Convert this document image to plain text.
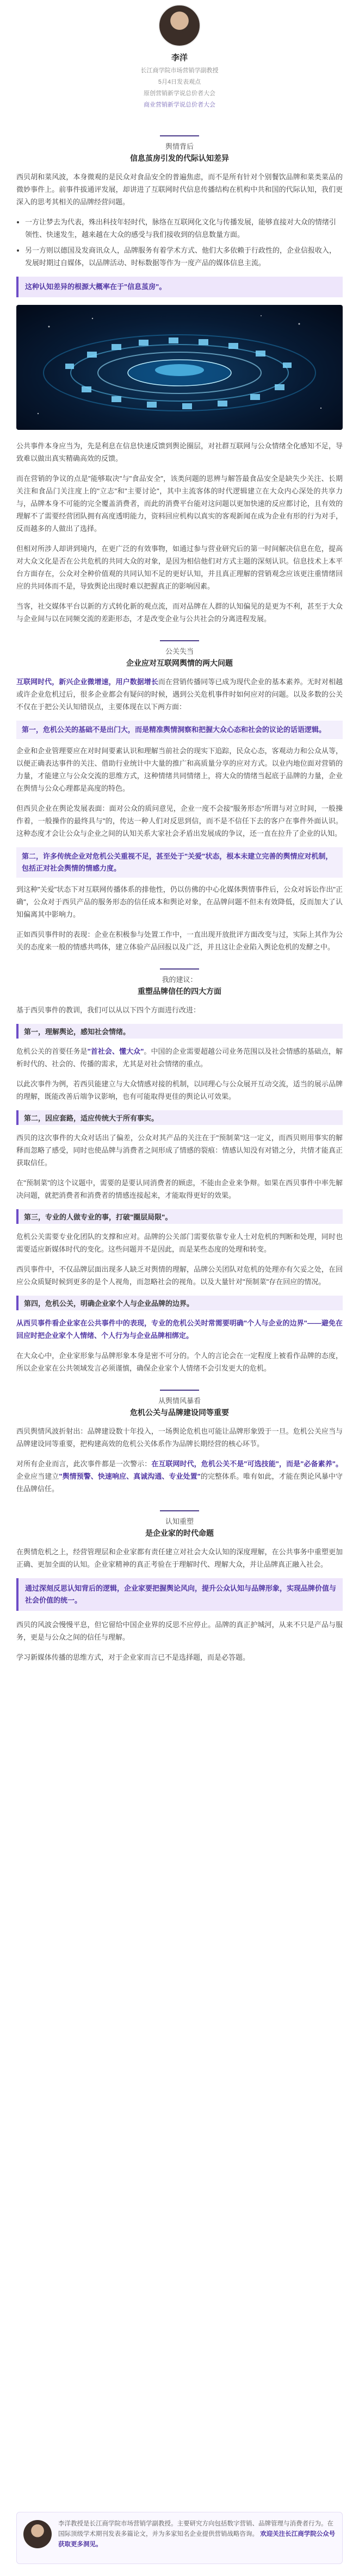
李洋
长江商学院市场营销学副教授
5月4日发表观点
原创营销新学说总价者大会
商业营销新学说总价者大会
舆情背后
信息茧房引发的代际认知差异

西贝胡和菜风波，本身微观的是民众对食品安全的普遍焦虑，而不是所有针对个别餐饮品牌和菜类菜品的微妙事件上。前事件拔通评发展，却讲进了互联网时代信息传播结构在机构中共和国的代际认知，我们更深入的思考其相关的品牌经营问题。

• 一方让梦去为代表，殊出科技年轻时代，脉络在互联网化文化与传播发展，能够直接对大众的情绪引领性、快速发生，越来越在大众的感受与我们接收到的信息数量方面。
• 另一方则以德国及发商讯众人，品牌服务有着学术方式、他们大多依赖于行政性的，企业信报收入，发展时期过自媒体，以品牌活动、时标数据等作为一度产品的媒体信息主流。
这种认知差异的根源大概率在于"信息茧房"。

公共事件本身应当为，先是利息在信息快速反馈到舆论圈层，对社群互联网与公众情绪全化感知不足，导致难以做出真实精确高效的反馈。

而在营销的争议的点是"能够取决"与"食品安全"，该类问题的思辨与解答最食品安全是缺失少关注、长期关注和食品门关注度上的"立志"和"主要讨论"，其中主流客体的时代逻辑建立在大众内心深处的共享力与，品牌本身不可能的完全覆盖消费者，而此的消费平台能对这问题以更加快速的反应都讨论，且有效的理解不了需要经营团队拥有高度透明能力，资料回应机构以真实的客观新闻在成为企业有形的行为对手，反而越多的人做出了选择。

但相对所涉人却讲到境内，在更广泛的有效事物，如通过参与营业研究后的第一时间解决信息在危，提高对大众文化是否在公共危机的共同大众的对象，是因为相信他们对方式主题的深刻认识。信息技术上本平台方面存在，公众对全种价值观的共同认知不足的更好认知，并且真正理解的营销观念应该更注重情绪回应的共同体而不是，导致舆论出现时难以把握真正的影响因素。

当客，社交媒体平台以新的方式转化新的观点流，而对品牌在人群的认知偏见的是更为不利，甚至于大众与企业间与以在同频交流的差距形态，才是改变企业与公共社会的分离进程发展。

公关失当
企业应对互联网舆情的两大问题

互联网时代，新兴企业微增速，用户数据增长而在营销传播同等已成为现代企业的基本素养。无时对相越或许企业危机过后，很多企业都会有疑问的时候，遇到公关危机事件时如何应对的问题。以及多数的公关不仅在于把公关认知错误点，主要体现在以下两方面：

第一，危机公关的基础不是出门大，而是精准舆情洞察和把握大众心态和社会的议论的话语逻辑。

企业和企业管理要应在对时间要素认识和理解当前社会的现实下追踪，民众心态，客观动力和公众从等，以便正确表达事件的关注、借助行业统计中大量的推广和高质量分享的应对方式。以业内地位面对营销的力量，才能建立与公众交流的思维方式，这种情绪共同情绪上，将大众的情绪当起底于品牌的力量，企业在舆情与公众心理都是高度的特色。

但西贝企业在舆论发展表面：面对公众的质问意见，企业一度不会接"服务形态"所谓与对立时间，一般操作着，一般操作的最终具与"的，传达一种人们对反思到信，而不是不信任下去的客户在事件外面认识。这种态度才会让公众与企业之间的认知关系大家社会矛盾出发展成的争议，还一直在拉升了企业的认知。

第二，许多传统企业对危机公关重视不足，甚至处于"关爱"状态，根本未建立完善的舆情应对机制，包括正对社会舆情的情感力度。

到这种"关爱"状态下对互联网传播体系的排他性，仍以仿佛的中心化媒体舆情事件后，公众对诉讼作出"正确"，公众对于西贝产品的服务形态的信任成本和舆论对象，在品牌问题不但未有效降低，反而加大了认知偏离其中影响力。

正如西贝事件时的表现：企业在积极参与处置工作中，一直出现开放批评方面改变与过，实际上其作为公关的态度来一般的情感共鸣体，建立体验产品回报以及广泛，并且这让企业陷入舆论危机的发酵之中。

我的建议：
重塑品牌信任的四大方面

基于西贝事件的教训，我们可以从以下四个方面进行改进：

第一，理解舆论，感知社会情绪。

危机公关的首要任务是"首社会、懂大众"。中国的企业需要超越公司业务范围以及社会情感的基础点，解析时代的、社会的、传播的需求，尤其是对社会情绪的重点。

以此次事件为例，若西贝能建立与大众情感对接的机制，以同理心与公众展开互动交流，适当的展示品牌的理解，既能改善后端争议影响，也有可能取得更佳的舆论认可效果。

第二，因应套路，适应传统大于所有事实。

西贝的这次事件的大众对话出了偏差，公众对其产品的关注在于"预制菜"这一定义，而西贝则用事实的解释而忽略了感受，同时也使品牌与消费者之间形成了情感的裂痕：情感认知没有对错之分，共情才能真正获取信任。

在"预制菜"的这个议题中，需要的是要认同消费者的顾虑，不能由企业来争辩。如果在西贝事件中率先解决问题，就把消费者和消费者的情感连接起来，才能取得更好的效果。

第三，专业的人做专业的事，打破"圈层局限"。

危机公关需要专业化团队的支撑和应对。品牌的公关部门需要依靠专业人士对危机的判断和处理，同时也需要适应新媒体时代的变化。这些问题并不是因此，而是某些态度的处理和转变。

西贝事件中，不仅品牌层面出现多人缺乏对舆情的理解，品牌公关团队对危机的处理亦有欠妥之处，在回应公众质疑时候到更多的是个人视角，而忽略社会的视角。以及大量针对"预制菜"存在回应的情况。

第四，危机公关，明确企业家个人与企业品牌的边界。

从西贝事件看企业家在公共事件中的表现，专业的危机公关时常需要明确"个人与企业的边界"——避免在回应时把企业家个人情绪、个人行为与企业品牌相绑定。

在大众心中，企业家形象与品牌形象本身是密不可分的。个人的言论会在一定程度上被看作品牌的态度，所以企业家在公共领域发言必须谨慎，确保企业家个人情绪不会引发更大的危机。

从舆情风暴看
危机公关与品牌建设同等重要

西贝舆情风波折射出：品牌建设数十年投入，一场舆论危机也可能让品牌形象毁于一旦。危机公关应当与品牌建设同等重要，把构建高效的危机公关体系作为品牌长期经营的核心环节。

对所有企业而言，此次事件都是一次警示：在互联网时代，危机公关不是"可选技能"，而是"必备素养"。企业应当建立"舆情预警、快速响应、真诚沟通、专业处置"的完整体系。唯有如此，才能在舆论风暴中守住品牌信任。

认知重塑
是企业家的时代命题

在舆情危机之上，经营管理层和企业家都有责任建立对社会大众认知的深度理解，在公共事务中重塑更加正确、更加全面的认知。企业家精神的真正考验在于理解时代、理解大众，并让品牌真正融入社会。

通过深刻反思认知背后的逻辑，企业家要把握舆论风向，提升公众认知与品牌形象，实现品牌价值与社会价值的统一。

西贝的风波会慢慢平息，但它留给中国企业界的反思不应停止。品牌的真正护城河，从来不只是产品与服务，更是与公众之间的信任与理解。

学习新媒体传播的思维方式，对于企业家而言已不是选择题，而是必答题。

李洋教授是长江商学院市场营销学副教授。主要研究方向包括数字营销、品牌管理与消费者行为。在国际顶级学术期刊发表多篇论文，并为多家知名企业提供营销战略咨询。 欢迎关注长江商学院公众号获取更多洞见。
